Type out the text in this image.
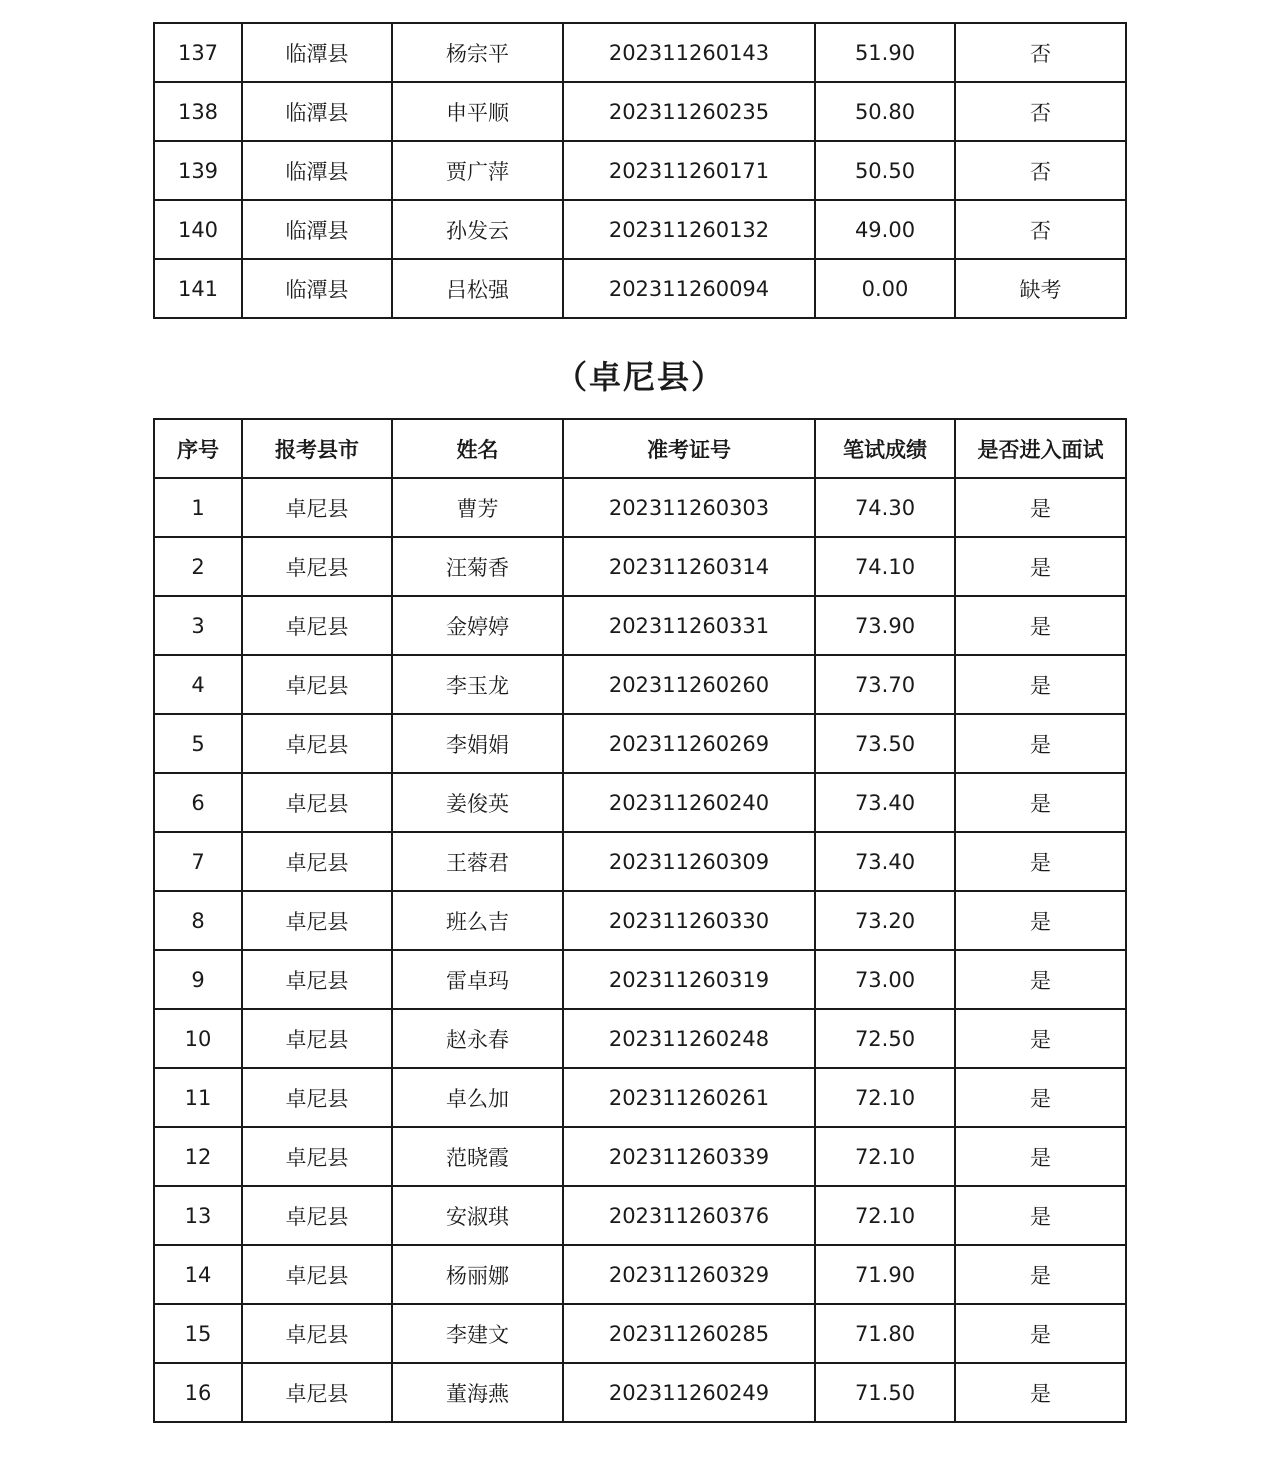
137	临潭县	杨宗平	202311260143	51.90	否
138	临潭县	申平顺	202311260235	50.80	否
139	临潭县	贾广萍	202311260171	50.50	否
140	临潭县	孙发云	202311260132	49.00	否
141	临潭县	吕松强	202311260094	0.00	缺考
（卓尼县）
序号	报考县市	姓名	准考证号	笔试成绩	是否进入面试
1	卓尼县	曹芳	202311260303	74.30	是
2	卓尼县	汪菊香	202311260314	74.10	是
3	卓尼县	金婷婷	202311260331	73.90	是
4	卓尼县	李玉龙	202311260260	73.70	是
5	卓尼县	李娟娟	202311260269	73.50	是
6	卓尼县	姜俊英	202311260240	73.40	是
7	卓尼县	王蓉君	202311260309	73.40	是
8	卓尼县	班么吉	202311260330	73.20	是
9	卓尼县	雷卓玛	202311260319	73.00	是
10	卓尼县	赵永春	202311260248	72.50	是
11	卓尼县	卓么加	202311260261	72.10	是
12	卓尼县	范晓霞	202311260339	72.10	是
13	卓尼县	安淑琪	202311260376	72.10	是
14	卓尼县	杨丽娜	202311260329	71.90	是
15	卓尼县	李建文	202311260285	71.80	是
16	卓尼县	董海燕	202311260249	71.50	是
